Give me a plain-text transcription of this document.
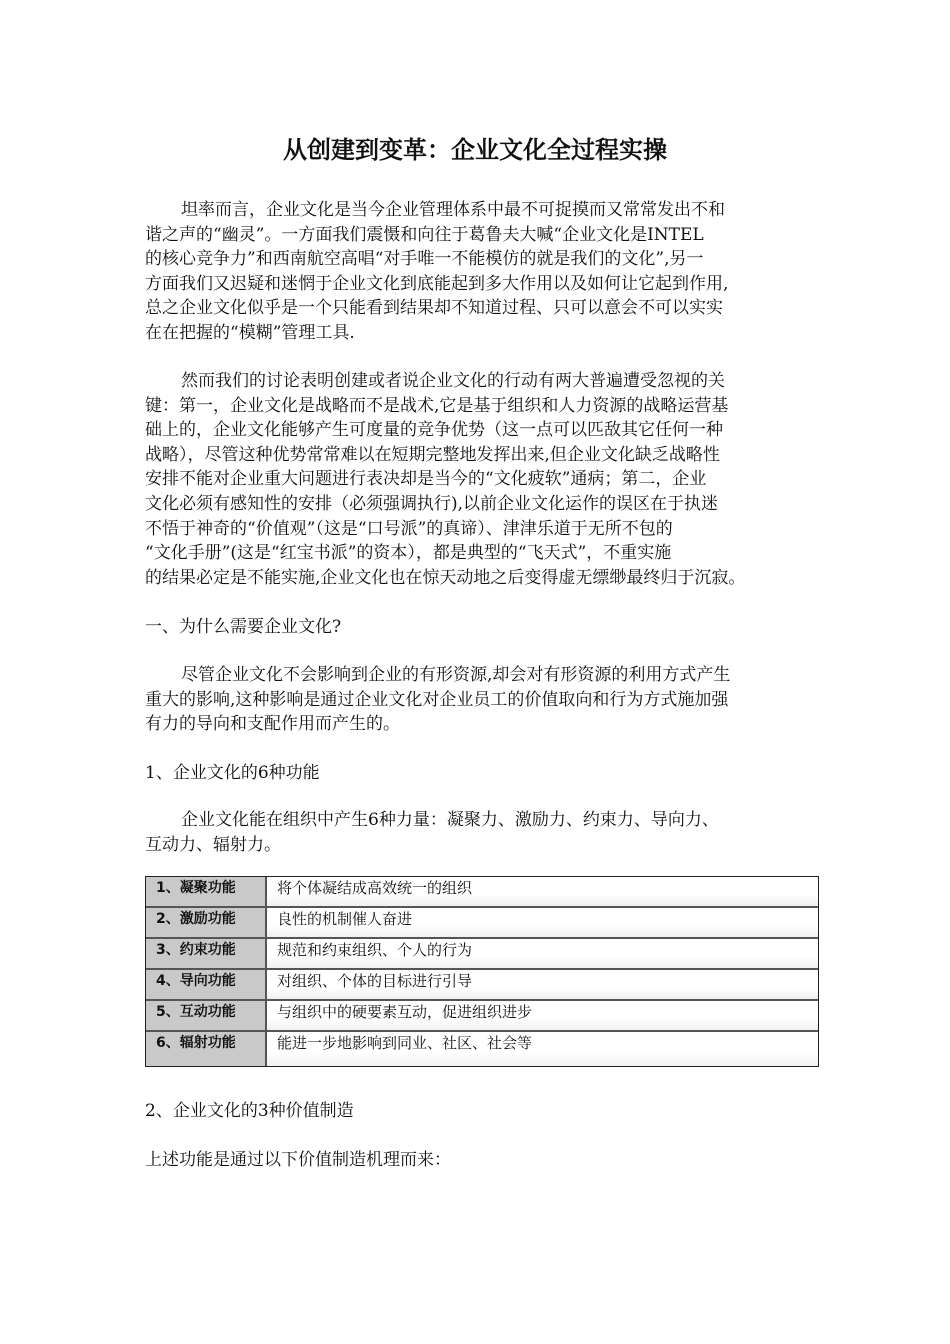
从创建到变革：企业文化全过程实操
坦率而言，企业文化是当今企业管理体系中最不可捉摸而又常常发出不和
谐之声的“幽灵”。一方面我们震慑和向往于葛鲁夫大喊“企业文化是INTEL
的核心竞争力”和西南航空高唱“对手唯一不能模仿的就是我们的文化”,另一
方面我们又迟疑和迷惘于企业文化到底能起到多大作用以及如何让它起到作用,
总之企业文化似乎是一个只能看到结果却不知道过程、只可以意会不可以实实
在在把握的“模糊”管理工具.
然而我们的讨论表明创建或者说企业文化的行动有两大普遍遭受忽视的关
键：第一，企业文化是战略而不是战术,它是基于组织和人力资源的战略运营基
础上的，企业文化能够产生可度量的竞争优势（这一点可以匹敌其它任何一种
战略），尽管这种优势常常难以在短期完整地发挥出来,但企业文化缺乏战略性
安排不能对企业重大问题进行表决却是当今的“文化疲软”通病；第二，企业
文化必须有感知性的安排（必须强调执行),以前企业文化运作的误区在于执迷
不悟于神奇的“价值观”（这是“口号派”的真谛）、津津乐道于无所不包的
“文化手册”(这是“红宝书派”的资本），都是典型的“飞天式”，不重实施
的结果必定是不能实施,企业文化也在惊天动地之后变得虚无缥缈最终归于沉寂。
一、为什么需要企业文化?
尽管企业文化不会影响到企业的有形资源,却会对有形资源的利用方式产生
重大的影响,这种影响是通过企业文化对企业员工的价值取向和行为方式施加强
有力的导向和支配作用而产生的。
1、企业文化的6种功能
企业文化能在组织中产生6种力量：凝聚力、激励力、约束力、导向力、
互动力、辐射力。
1、凝聚功能	将个体凝结成高效统一的组织
2、激励功能	良性的机制催人奋进
3、约束功能	规范和约束组织、个人的行为
4、导向功能	对组织、个体的目标进行引导
5、互动功能	与组织中的硬要素互动，促进组织进步
6、辐射功能	能进一步地影响到同业、社区、社会等
2、企业文化的3种价值制造
上述功能是通过以下价值制造机理而来：
